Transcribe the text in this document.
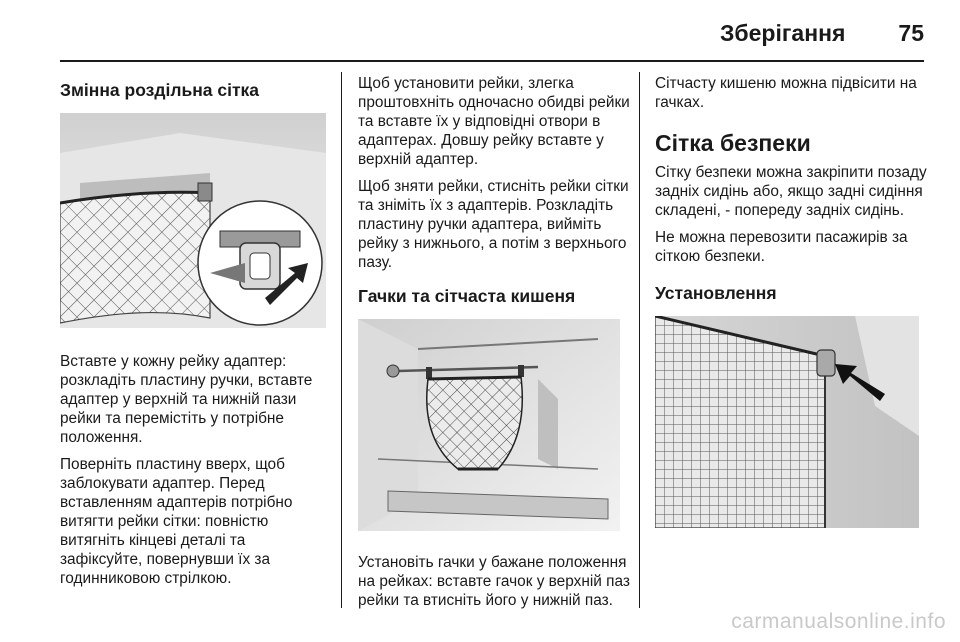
Зберігання	75
Змінна роздільна сітка

Вставте у кожну рейку адаптер: розкладіть пластину ручки, вставте адаптер у верхній та нижній пази рейки та перемістіть у потрібне положення.

Поверніть пластину вверх, щоб заблокувати адаптер. Перед вставленням адаптерів потрібно витягти рейки сітки: повністю витягніть кінцеві деталі та зафіксуйте, повернувши їх за годинниковою стрілкою.

Щоб установити рейки, злегка проштовхніть одночасно обидві рейки та вставте їх у відповідні отвори в адаптерах. Довшу рейку вставте у верхній адаптер.

Щоб зняти рейки, стисніть рейки сітки та зніміть їх з адаптерів. Розкладіть пластину ручки адаптера, вийміть рейку з нижнього, а потім з верхнього пазу.

Гачки та сітчаста кишеня

Установіть гачки у бажане положення на рейках: вставте гачок у верхній паз рейки та втисніть його у нижній паз.

Сітчасту кишеню можна підвісити на гачках.

Сітка безпеки

Сітку безпеки можна закріпити позаду задніх сидінь або, якщо задні сидіння складені, - попереду задніх сидінь.

Не можна перевозити пасажирів за сіткою безпеки.

Установлення
carmanualsonline.info
